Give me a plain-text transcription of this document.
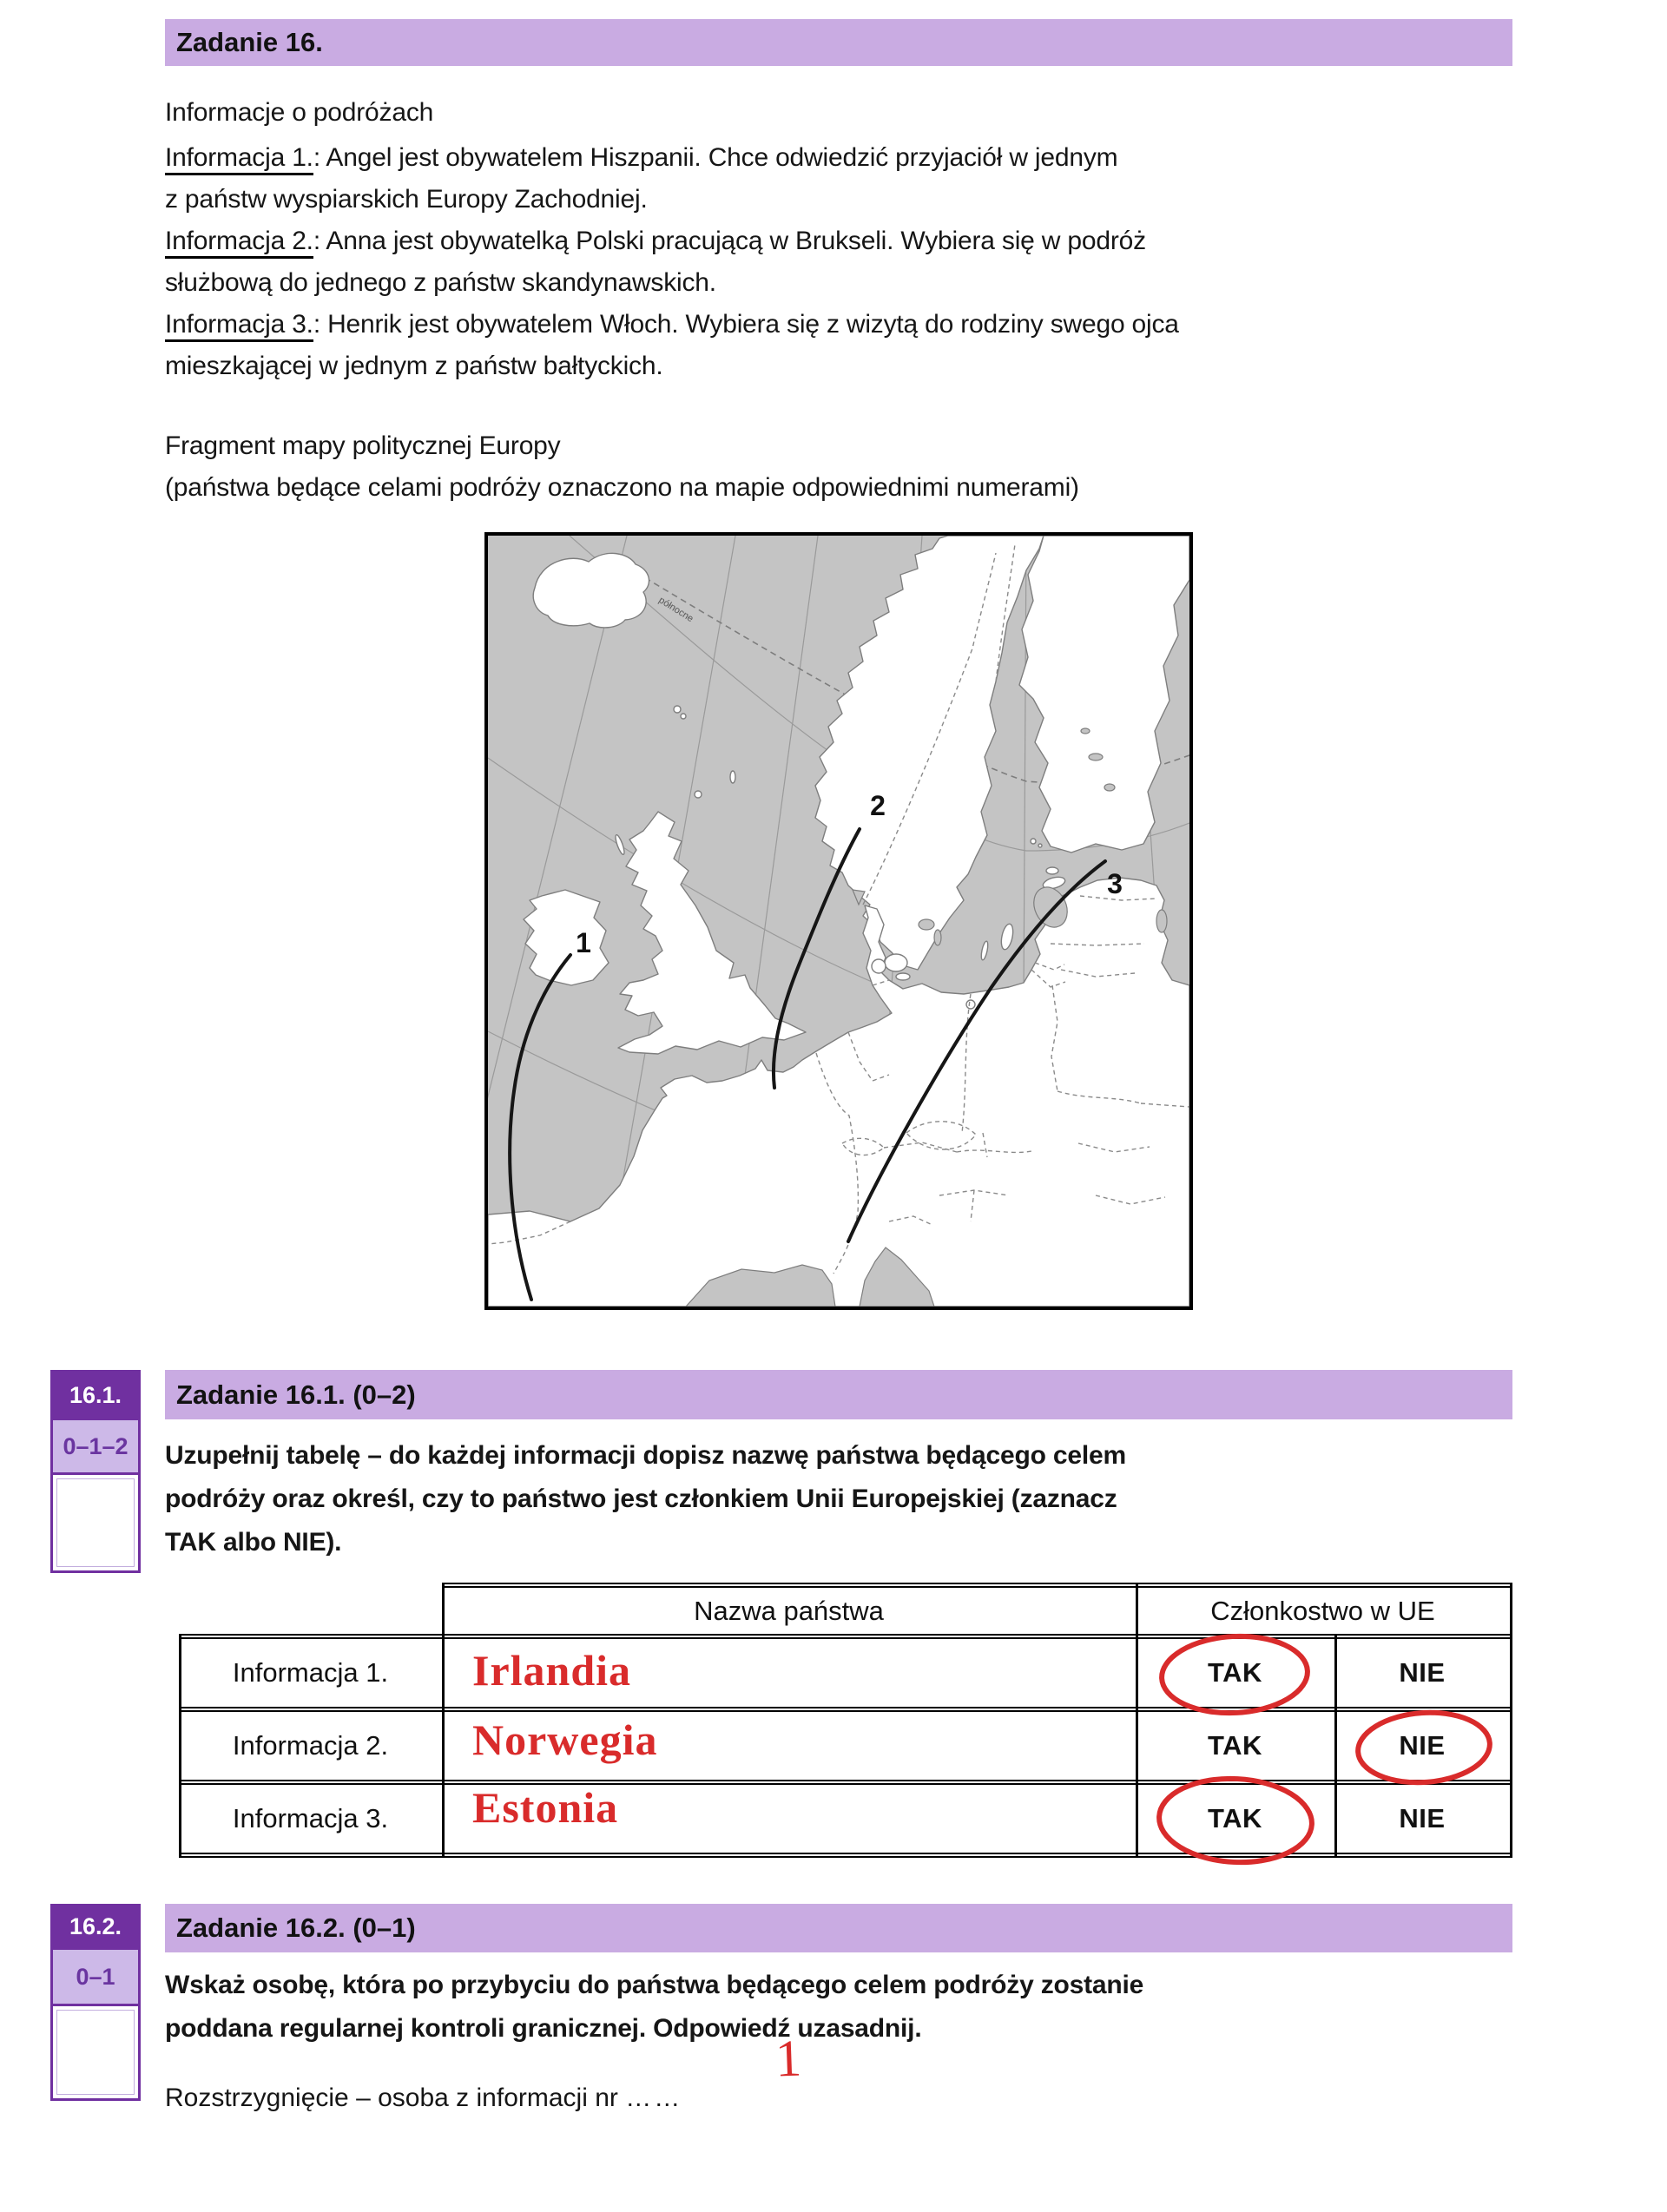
Zadanie 16.
Informacje o podróżach
Informacja 1.: Angel jest obywatelem Hiszpanii. Chce odwiedzić przyjaciół w jednym
z państw wyspiarskich Europy Zachodniej.
Informacja 2.: Anna jest obywatelką Polski pracującą w Brukseli. Wybiera się w podróż
służbową do jednego z państw skandynawskich.
Informacja 3.: Henrik jest obywatelem Włoch. Wybiera się z wizytą do rodziny swego ojca
mieszkającej w jednym z państw bałtyckich.
Fragment mapy politycznej Europy
(państwa będące celami podróży oznaczono na mapie odpowiednimi numerami)
północne
1
2
3
16.1.
0–1–2
Zadanie 16.1. (0–2)
Uzupełnij tabelę – do każdej informacji dopisz nazwę państwa będącego celem
podróży oraz określ, czy to państwo jest członkiem Unii Europejskiej (zaznacz
TAK albo NIE).
Nazwa państwa	Członkostwo w UE
Informacja 1.	Irlandia	TAK	NIE
Informacja 2.	Norwegia	TAK	NIE
Informacja 3.	Estonia	TAK	NIE
16.2.
0–1
Zadanie 16.2. (0–1)
Wskaż osobę, która po przybyciu do państwa będącego celem podróży zostanie
poddana regularnej kontroli granicznej. Odpowiedź uzasadnij.
Rozstrzygnięcie – osoba z informacji nr ……
1
